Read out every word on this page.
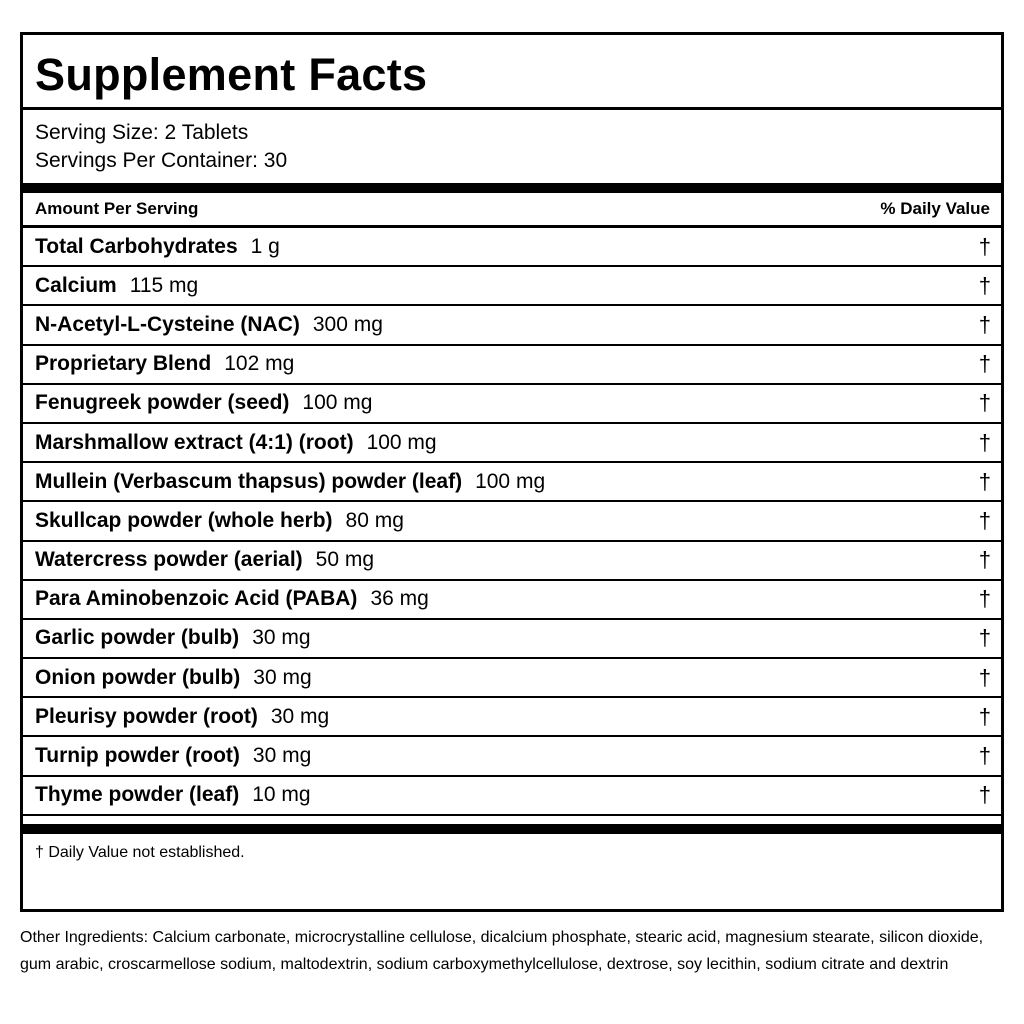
Supplement Facts
Serving Size: 2 Tablets
Servings Per Container: 30
Amount Per Serving	% Daily Value
Total Carbohydrates 1 g	†
Calcium 115 mg	†
N-Acetyl-L-Cysteine (NAC) 300 mg	†
Proprietary Blend 102 mg	†
Fenugreek powder (seed) 100 mg	†
Marshmallow extract (4:1) (root) 100 mg	†
Mullein (Verbascum thapsus) powder (leaf) 100 mg	†
Skullcap powder (whole herb) 80 mg	†
Watercress powder (aerial) 50 mg	†
Para Aminobenzoic Acid (PABA) 36 mg	†
Garlic powder (bulb) 30 mg	†
Onion powder (bulb) 30 mg	†
Pleurisy powder (root) 30 mg	†
Turnip powder (root) 30 mg	†
Thyme powder (leaf) 10 mg	†
† Daily Value not established.
Other Ingredients: Calcium carbonate, microcrystalline cellulose, dicalcium phosphate, stearic acid, magnesium stearate, silicon dioxide, gum arabic, croscarmellose sodium, maltodextrin, sodium carboxymethylcellulose, dextrose, soy lecithin, sodium citrate and dextrin
